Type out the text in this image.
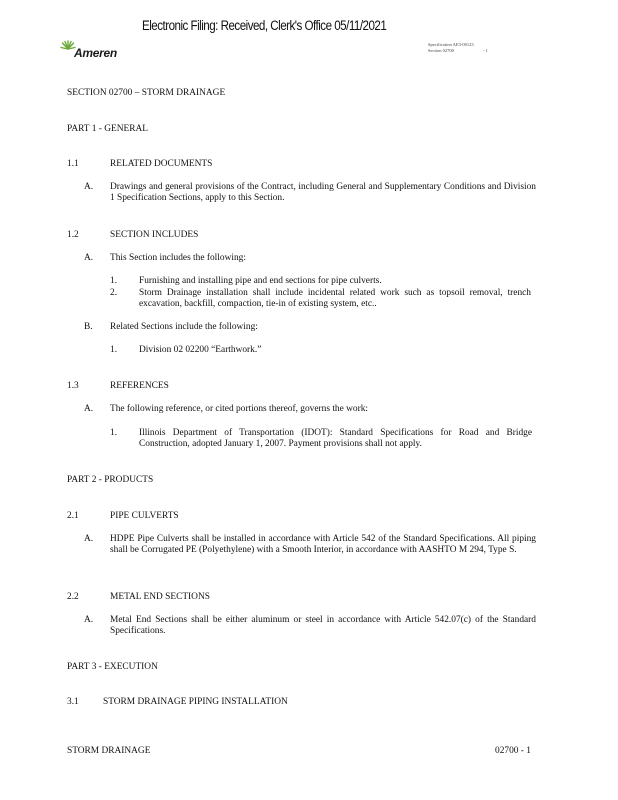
Electronic Filing: Received, Clerk's Office 05/11/2021
Ameren
Specification AE3-00123
Section 02700	- 1
SECTION 02700 – STORM DRAINAGE
PART 1 - GENERAL
1.1	RELATED DOCUMENTS
A. Drawings and general provisions of the Contract, including General and Supplementary Conditions and Division 1 Specification Sections, apply to this Section.
1.2	SECTION INCLUDES
A. This Section includes the following:
1. Furnishing and installing pipe and end sections for pipe culverts.
2. Storm Drainage installation shall include incidental related work such as topsoil removal, trench excavation, backfill, compaction, tie-in of existing system, etc..
B. Related Sections include the following:
1. Division 02 02200 “Earthwork.”
1.3	REFERENCES
A. The following reference, or cited portions thereof, governs the work:
1. Illinois Department of Transportation (IDOT): Standard Specifications for Road and Bridge Construction, adopted January 1, 2007. Payment provisions shall not apply.
PART 2 - PRODUCTS
2.1	PIPE CULVERTS
A. HDPE Pipe Culverts shall be installed in accordance with Article 542 of the Standard Specifications. All piping shall be Corrugated PE (Polyethylene) with a Smooth Interior, in accordance with AASHTO M 294, Type S.
2.2	METAL END SECTIONS
A. Metal End Sections shall be either aluminum or steel in accordance with Article 542.07(c) of the Standard Specifications.
PART 3 - EXECUTION
3.1	STORM DRAINAGE PIPING INSTALLATION
STORM DRAINAGE	02700 - 1
